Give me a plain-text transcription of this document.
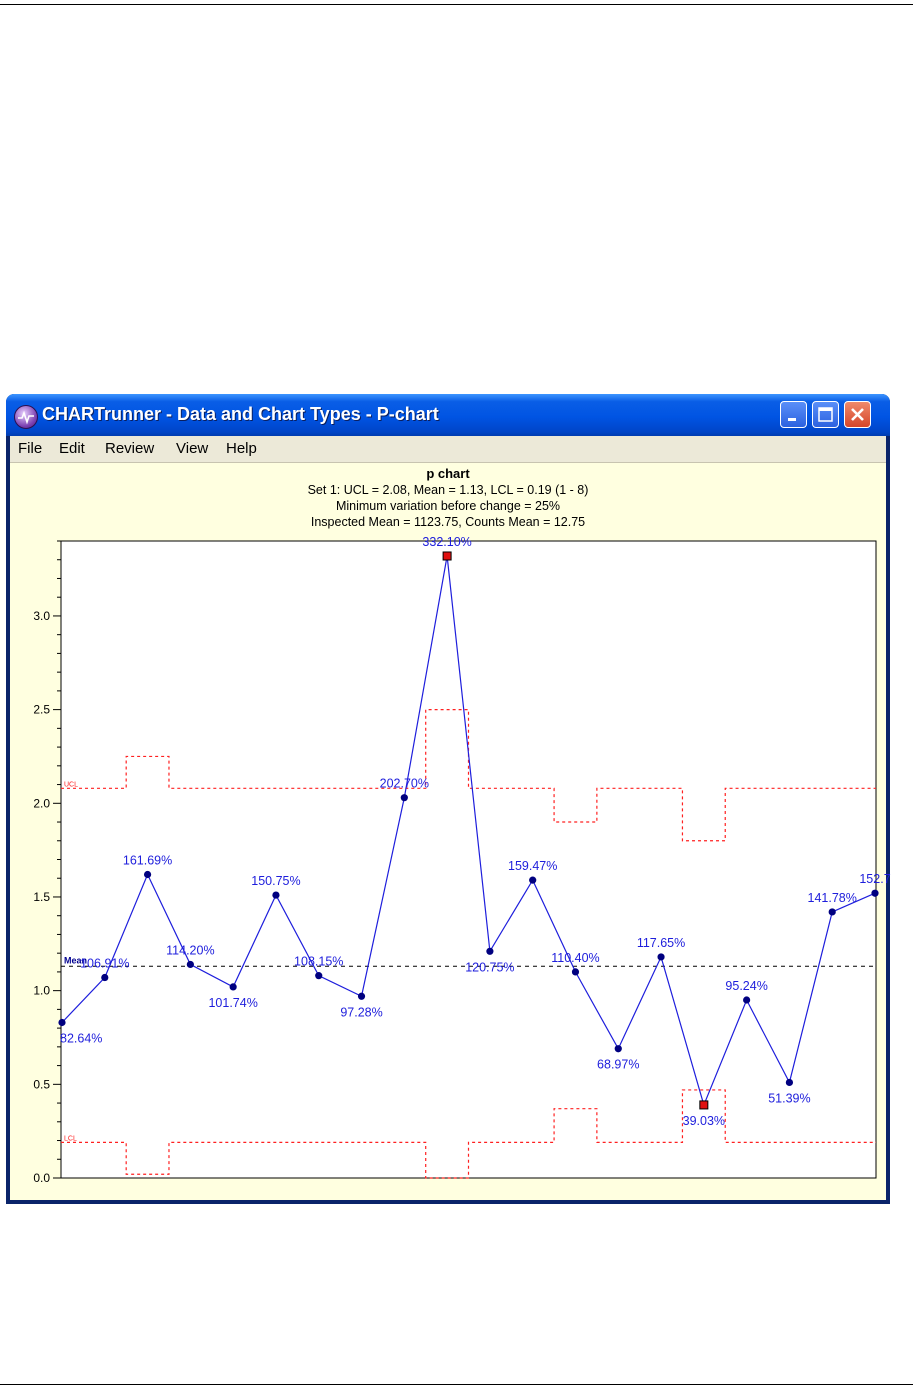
CHARTrunner - Data and Chart Types - P-chart
File Edit Review View Help
p chart
Set 1: UCL = 2.08, Mean = 1.13, LCL = 0.19 (1 - 8)
Minimum variation before change = 25%
Inspected Mean = 1123.75, Counts Mean = 12.75
0.0
0.5
1.0
1.5
2.0
2.5
3.0
Mean
UCL
LCL
82.64%
106.91%
161.69%
114.20%
101.74%
150.75%
108.15%
97.28%
202.70%
332.10%
120.75%
159.47%
110.40%
68.97%
117.65%
39.03%
95.24%
51.39%
141.78%
152.7
